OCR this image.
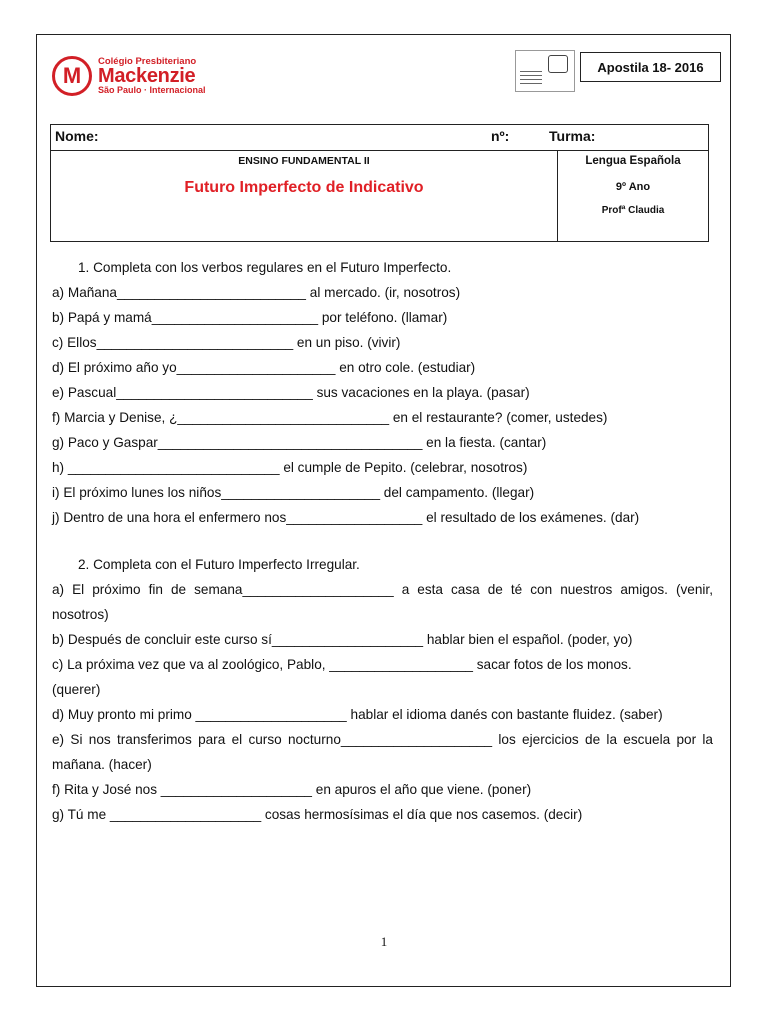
M
Colégio Presbiteriano
Mackenzie
São Paulo · Internacional
Apostila 18- 2016
Nome:	nº:	Turma:
ENSINO FUNDAMENTAL II
Futuro Imperfecto de Indicativo
Lengua Española
9º Ano
Profª Claudia
1. Completa con los verbos regulares en el Futuro Imperfecto.
a) Mañana_________________________ al mercado. (ir, nosotros)
b) Papá y mamá______________________ por teléfono. (llamar)
c) Ellos__________________________ en un piso. (vivir)
d) El próximo año yo_____________________ en otro cole. (estudiar)
e) Pascual__________________________ sus vacaciones en la playa. (pasar)
f) Marcia y Denise, ¿____________________________ en el restaurante? (comer, ustedes)
g) Paco y Gaspar___________________________________ en la fiesta. (cantar)
h) ____________________________ el cumple de Pepito. (celebrar, nosotros)
i) El próximo lunes los niños_____________________ del campamento. (llegar)
j) Dentro de una hora el enfermero nos__________________ el resultado de los exámenes. (dar)
2. Completa con el Futuro Imperfecto Irregular.
a) El próximo fin de semana____________________ a esta casa de té con nuestros amigos. (venir, nosotros)
b) Después de concluir este curso sí____________________ hablar bien el español. (poder, yo)
c) La próxima vez que va al zoológico, Pablo, ___________________ sacar fotos de los monos.
(querer)
d) Muy pronto mi primo ____________________ hablar el idioma danés con bastante fluidez. (saber)
e) Si nos transferimos para el curso nocturno____________________ los ejercicios de la escuela por la mañana. (hacer)
f) Rita y José nos ____________________ en apuros el año que viene. (poner)
g) Tú me ____________________ cosas hermosísimas el día que nos casemos. (decir)
1
